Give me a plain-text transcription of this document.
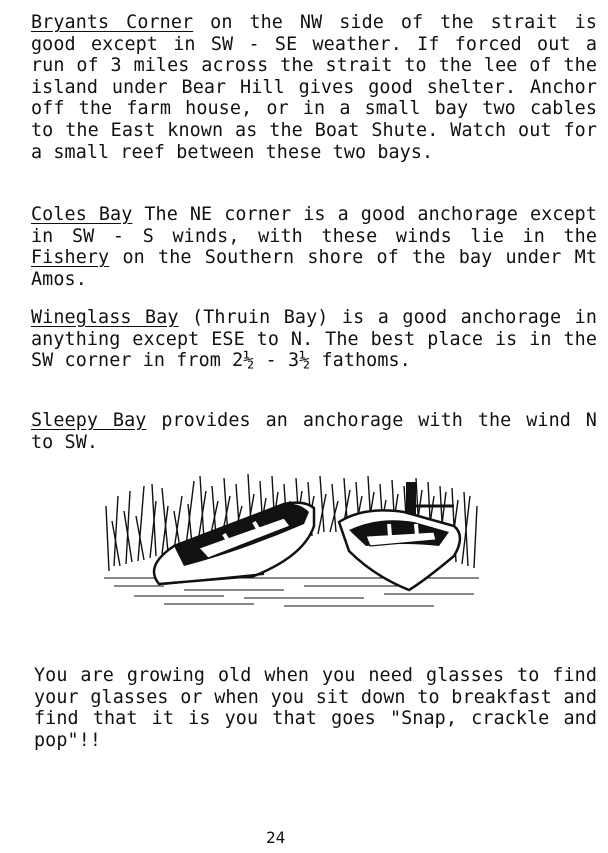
Bryants Corner on the NW side of the strait is good except in SW - SE weather. If forced out a run of 3 miles across the strait to the lee of the island under Bear Hill gives good shelter. Anchor off the farm house, or in a small bay two cables to the East known as the Boat Shute. Watch out for a small reef between these two bays.

Coles Bay The NE corner is a good anchorage except in SW - S winds, with these winds lie in the Fishery on the Southern shore of the bay under Mt Amos.

Wineglass Bay (Thruin Bay) is a good anchorage in anything except ESE to N. The best place is in the SW corner in from 2½ - 3½ fathoms.

Sleepy Bay provides an anchorage with the wind N to SW.

You are growing old when you need glasses to find your glasses or when you sit down to breakfast and find that it is you that goes "Snap, crackle and pop"!!

24
